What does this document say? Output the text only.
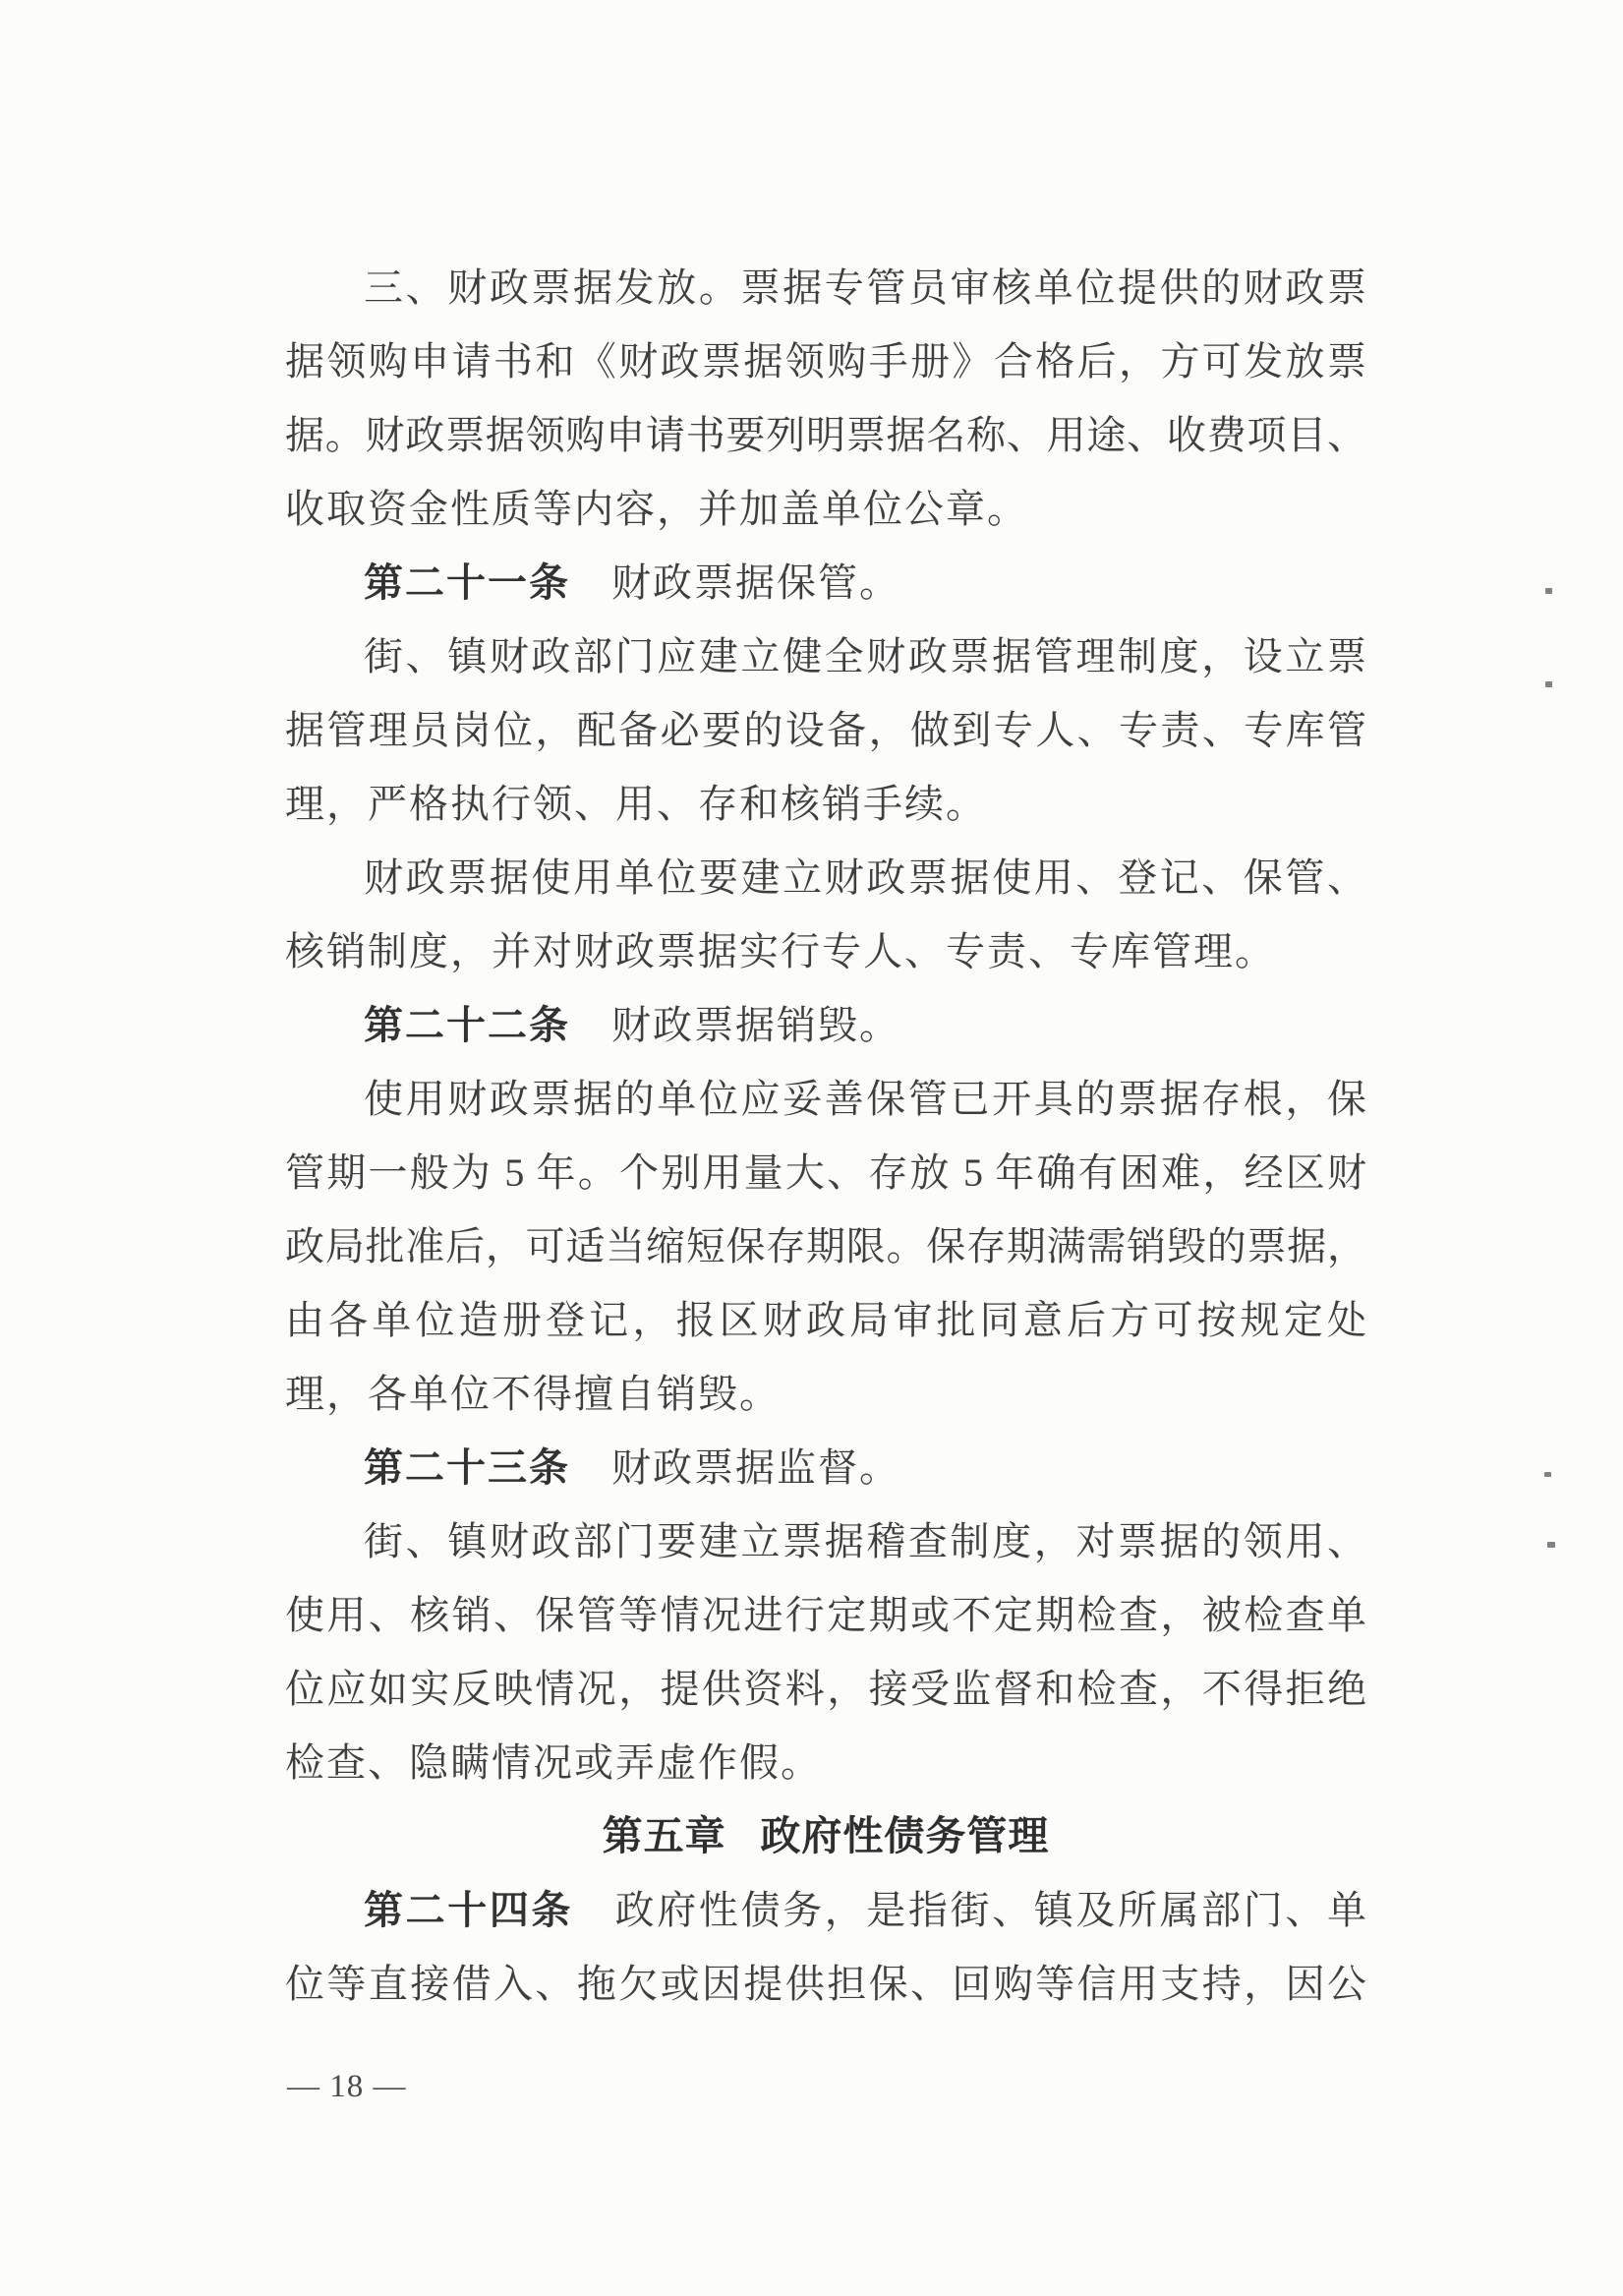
三、财政票据发放。票据专管员审核单位提供的财政票
据领购申请书和《财政票据领购手册》合格后，方可发放票
据。财政票据领购申请书要列明票据名称、用途、收费项目、
收取资金性质等内容，并加盖单位公章。
第二十一条　财政票据保管。
街、镇财政部门应建立健全财政票据管理制度，设立票
据管理员岗位，配备必要的设备，做到专人、专责、专库管
理，严格执行领、用、存和核销手续。
财政票据使用单位要建立财政票据使用、登记、保管、
核销制度，并对财政票据实行专人、专责、专库管理。
第二十二条　财政票据销毁。
使用财政票据的单位应妥善保管已开具的票据存根，保
管期一般为 5 年。个别用量大、存放 5 年确有困难，经区财
政局批准后，可适当缩短保存期限。保存期满需销毁的票据，
由各单位造册登记，报区财政局审批同意后方可按规定处
理，各单位不得擅自销毁。
第二十三条　财政票据监督。
街、镇财政部门要建立票据稽查制度，对票据的领用、
使用、核销、保管等情况进行定期或不定期检查，被检查单
位应如实反映情况，提供资料，接受监督和检查，不得拒绝
检查、隐瞒情况或弄虚作假。
第五章 政府性债务管理
第二十四条　政府性债务，是指街、镇及所属部门、单
位等直接借入、拖欠或因提供担保、回购等信用支持，因公
— 18 —
